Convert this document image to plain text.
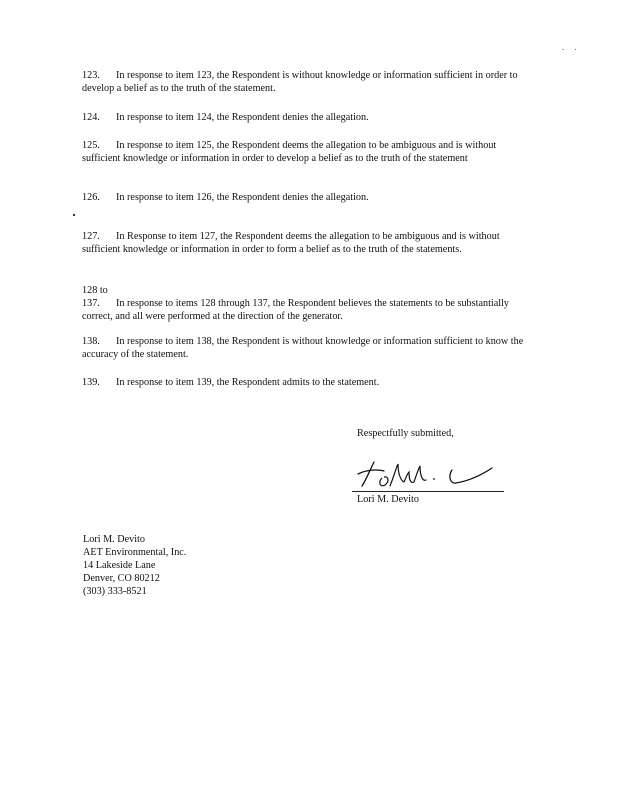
. .
123. In response to item 123, the Respondent is without knowledge or information sufficient in order to develop a belief as to the truth of the statement.
124. In response to item 124, the Respondent denies the allegation.
125. In response to item 125, the Respondent deems the allegation to be ambiguous and is without sufficient knowledge or information in order to develop a belief as to the truth of the statement
126. In response to item 126, the Respondent denies the allegation.
127. In Response to item 127, the Respondent deems the allegation to be ambiguous and is without sufficient knowledge or information in order to form a belief as to the truth of the statements.
128 to
137. In response to items 128 through 137, the Respondent believes the statements to be substantially correct, and all were performed at the direction of the generator.
138. In response to item 138, the Respondent is without knowledge or information sufficient to know the accuracy of the statement.
139. In response to item 139, the Respondent admits to the statement.
Respectfully submitted,
Lori M. Devito
Lori M. Devito
AET Environmental, Inc.
14 Lakeside Lane
Denver, CO 80212
(303) 333-8521
